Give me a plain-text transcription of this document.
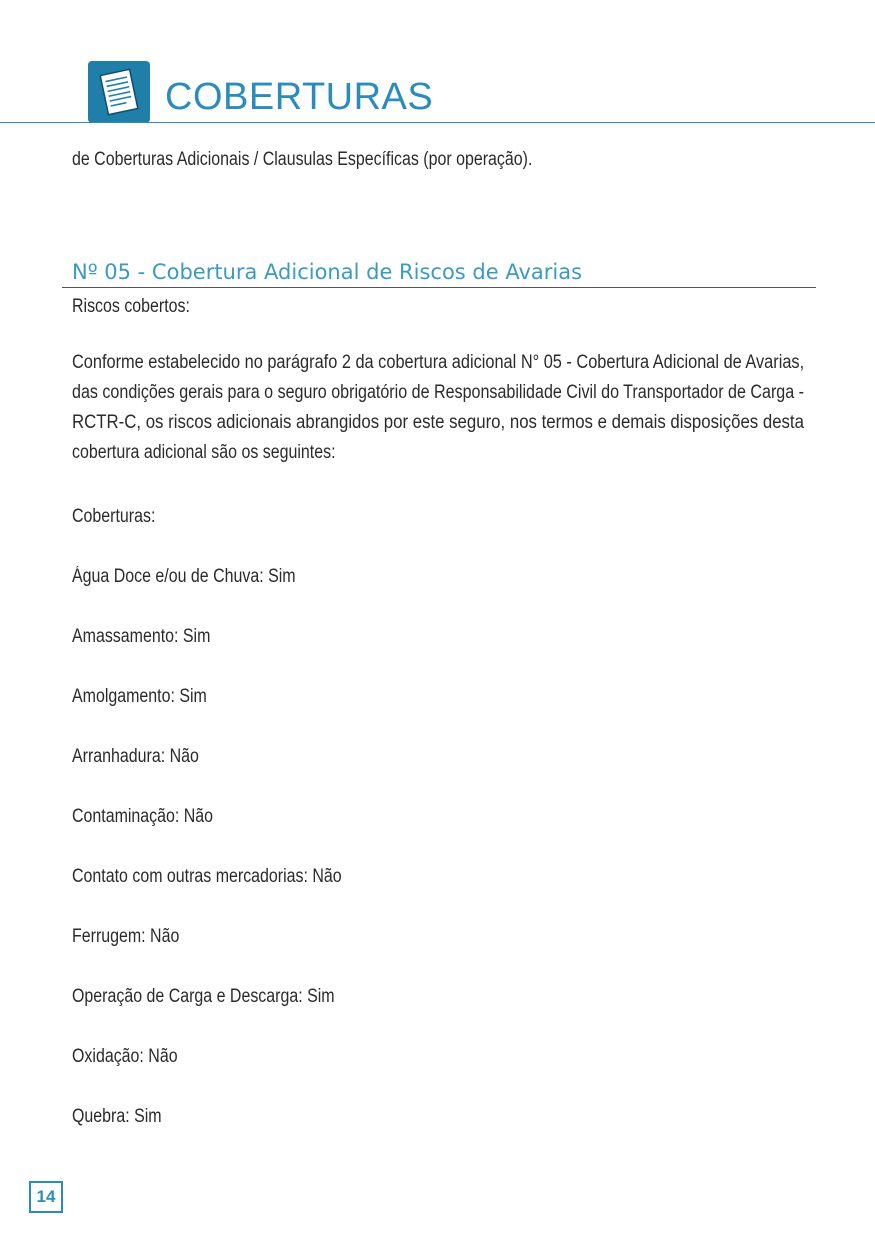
COBERTURAS
de Coberturas Adicionais / Clausulas Específicas (por operação).
Nº 05 - Cobertura Adicional de Riscos de Avarias
Riscos cobertos:
Conforme estabelecido no parágrafo 2 da cobertura adicional N° 05 - Cobertura Adicional de Avarias,
das condições gerais para o seguro obrigatório de Responsabilidade Civil do Transportador de Carga -
RCTR-C, os riscos adicionais abrangidos por este seguro, nos termos e demais disposições desta
cobertura adicional são os seguintes:
Coberturas:
Água Doce e/ou de Chuva: Sim
Amassamento: Sim
Amolgamento: Sim
Arranhadura: Não
Contaminação: Não
Contato com outras mercadorias: Não
Ferrugem: Não
Operação de Carga e Descarga: Sim
Oxidação: Não
Quebra: Sim
14
